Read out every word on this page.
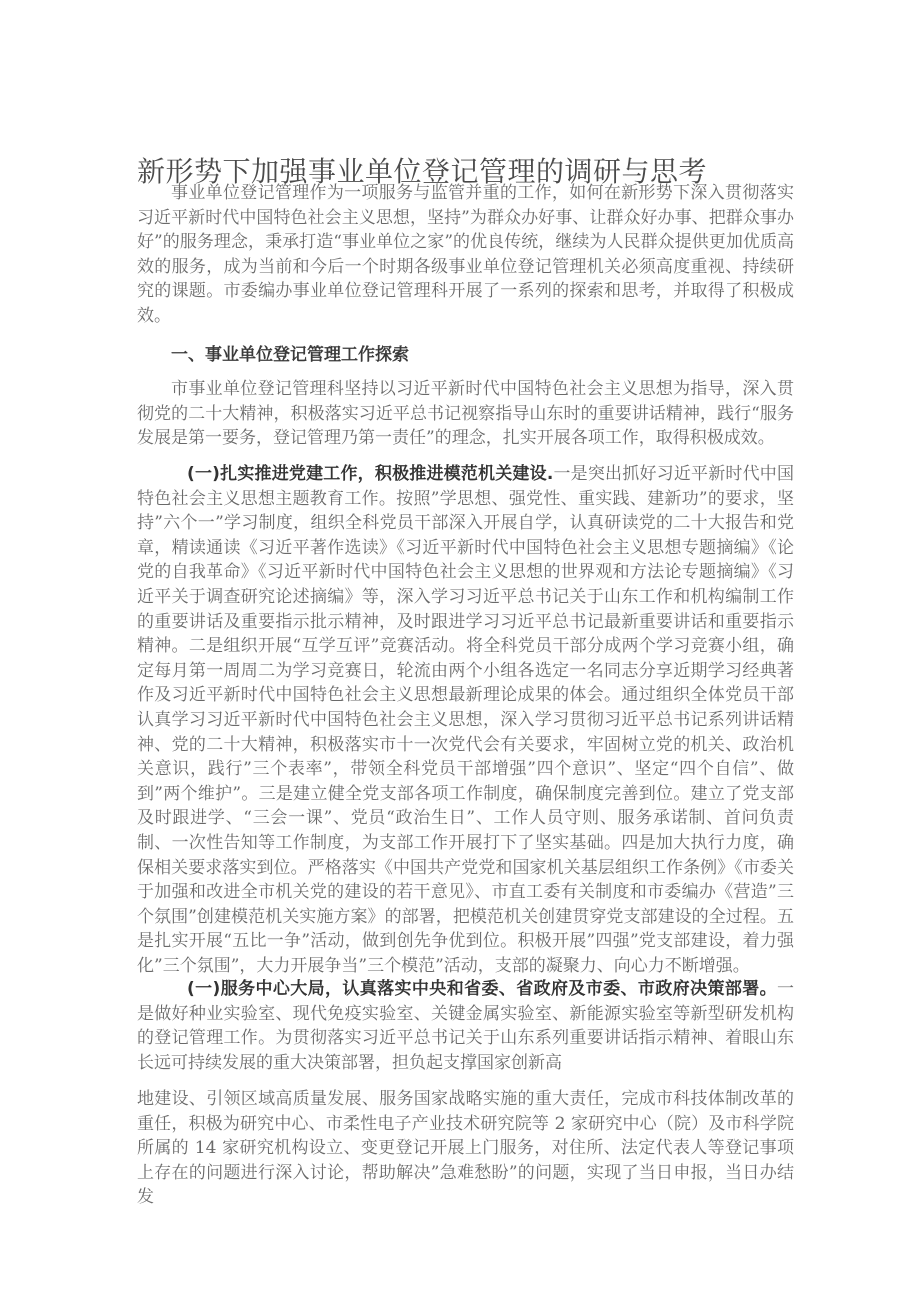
新形势下加强事业单位登记管理的调研与思考

事业单位登记管理作为一项服务与监管并重的工作，如何在新形势下深入贯彻落实习近平新时代中国特色社会主义思想，坚持”为群众办好事、让群众好办事、把群众事办好”的服务理念，秉承打造“事业单位之家”的优良传统，继续为人民群众提供更加优质高效的服务，成为当前和今后一个时期各级事业单位登记管理机关必须高度重视、持续研究的课题。市委编办事业单位登记管理科开展了一系列的探索和思考，并取得了积极成效。

一、事业单位登记管理工作探索

市事业单位登记管理科坚持以习近平新时代中国特色社会主义思想为指导，深入贯彻党的二十大精神，积极落实习近平总书记视察指导山东时的重要讲话精神，践行“服务发展是第一要务，登记管理乃第一责任”的理念，扎实开展各项工作，取得积极成效。

(一)扎实推进党建工作，积极推进模范机关建设.一是突出抓好习近平新时代中国特色社会主义思想主题教育工作。按照”学思想、强党性、重实践、建新功”的要求，坚持”六个一”学习制度，组织全科党员干部深入开展自学，认真研读党的二十大报告和党章，精读通读《习近平著作选读》《习近平新时代中国特色社会主义思想专题摘编》《论党的自我革命》《习近平新时代中国特色社会主义思想的世界观和方法论专题摘编》《习近平关于调查研究论述摘编》等，深入学习习近平总书记关于山东工作和机构编制工作的重要讲话及重要指示批示精神，及时跟进学习习近平总书记最新重要讲话和重要指示精神。二是组织开展“互学互评”竞赛活动。将全科党员干部分成两个学习竞赛小组，确定每月第一周周二为学习竞赛日，轮流由两个小组各选定一名同志分享近期学习经典著作及习近平新时代中国特色社会主义思想最新理论成果的体会。通过组织全体党员干部认真学习习近平新时代中国特色社会主义思想，深入学习贯彻习近平总书记系列讲话精神、党的二十大精神，积极落实市十一次党代会有关要求，牢固树立党的机关、政治机关意识，践行”三个表率”，带领全科党员干部增强”四个意识”、坚定“四个自信”、做到”两个维护”。三是建立健全党支部各项工作制度，确保制度完善到位。建立了党支部及时跟进学、“三会一课”、党员“政治生日”、工作人员守则、服务承诺制、首问负责制、一次性告知等工作制度，为支部工作开展打下了坚实基础。四是加大执行力度，确保相关要求落实到位。严格落实《中国共产党党和国家机关基层组织工作条例》《市委关于加强和改进全市机关党的建设的若干意见》、市直工委有关制度和市委编办《营造”三个氛围”创建模范机关实施方案》的部署，把模范机关创建贯穿党支部建设的全过程。五是扎实开展“五比一争”活动，做到创先争优到位。积极开展”四强”党支部建设，着力强化”三个氛围”，大力开展争当”三个模范”活动，支部的凝聚力、向心力不断增强。

(一)服务中心大局，认真落实中央和省委、省政府及市委、市政府决策部署。一是做好种业实验室、现代免疫实验室、关键金属实验室、新能源实验室等新型研发机构的登记管理工作。为贯彻落实习近平总书记关于山东系列重要讲话指示精神、着眼山东长远可持续发展的重大决策部署，担负起支撑国家创新高

地建设、引领区域高质量发展、服务国家战略实施的重大责任，完成市科技体制改革的重任，积极为研究中心、市柔性电子产业技术研究院等 2 家研究中心（院）及市科学院所属的 14 家研究机构设立、变更登记开展上门服务，对住所、法定代表人等登记事项上存在的问题进行深入讨论，帮助解决”急难愁盼”的问题，实现了当日申报，当日办结发
